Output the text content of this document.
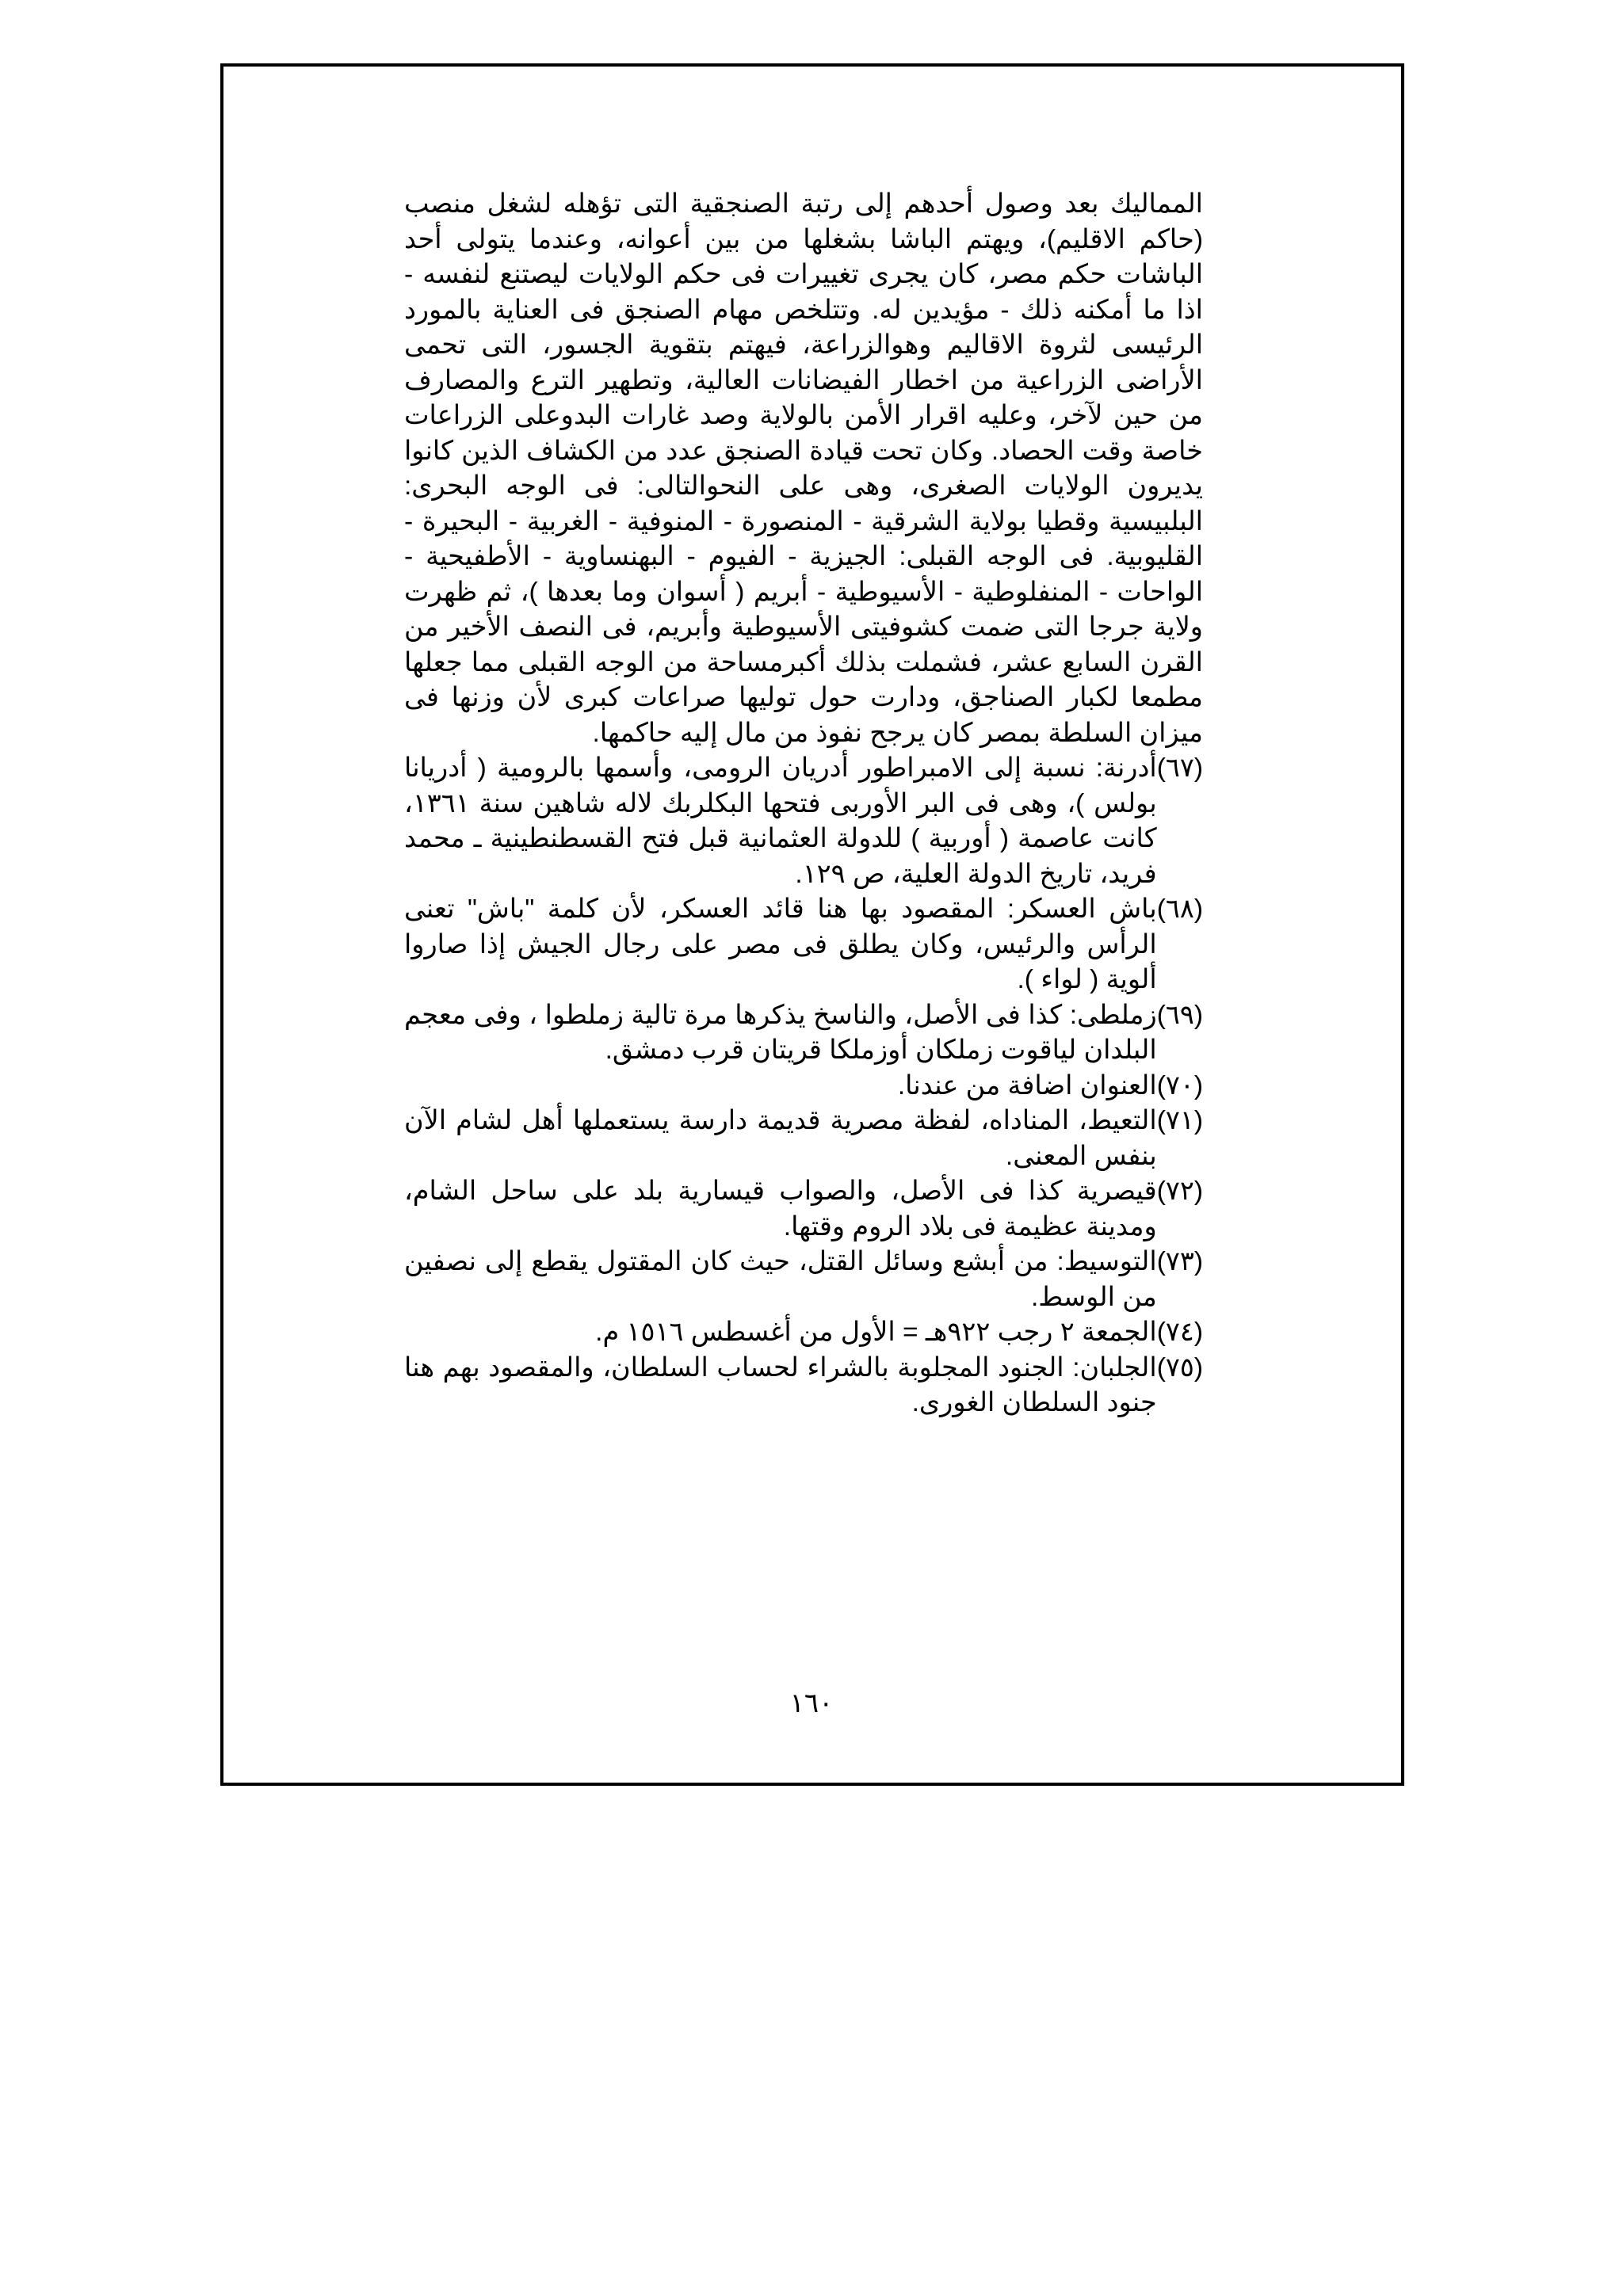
المماليك بعد وصول أحدهم إلى رتبة الصنجقية التى تؤهله لشغل منصب (حاكم الاقليم)، ويهتم الباشا بشغلها من بين أعوانه، وعندما يتولى أحد الباشات حكم مصر، كان يجرى تغييرات فى حكم الولايات ليصتنع لنفسه - اذا ما أمكنه ذلك - مؤيدين له. وتتلخص مهام الصنجق فى العناية بالمورد الرئيسى لثروة الاقاليم وهوالزراعة، فيهتم بتقوية الجسور، التى تحمى الأراضى الزراعية من اخطار الفيضانات العالية، وتطهير الترع والمصارف من حين لآخر، وعليه اقرار الأمن بالولاية وصد غارات البدوعلى الزراعات خاصة وقت الحصاد. وكان تحت قيادة الصنجق عدد من الكشاف الذين كانوا يديرون الولايات الصغرى، وهى على النحوالتالى: فى الوجه البحرى: البلبيسية وقطيا بولاية الشرقية - المنصورة - المنوفية - الغربية - البحيرة - القليوبية. فى الوجه القبلى: الجيزية - الفيوم - البهنساوية - الأطفيحية - الواحات - المنفلوطية - الأسيوطية - أبريم ( أسوان وما بعدها )، ثم ظهرت ولاية جرجا التى ضمت كشوفيتى الأسيوطية وأبريم، فى النصف الأخير من القرن السابع عشر، فشملت بذلك أكبرمساحة من الوجه القبلى مما جعلها مطمعا لكبار الصناجق، ودارت حول توليها صراعات كبرى لأن وزنها فى ميزان السلطة بمصر كان يرجح نفوذ من مال إليه حاكمها.

(٦٧)
أدرنة: نسبة إلى الامبراطور أدريان الرومى، وأسمها بالرومية ( أدريانا بولس )، وهى فى البر الأوربى فتحها البكلربك لاله شاهين سنة ١٣٦١، كانت عاصمة ( أوربية ) للدولة العثمانية قبل فتح القسطنطينية ـ محمد فريد، تاريخ الدولة العلية، ص ١٢٩.
(٦٨)
باش العسكر: المقصود بها هنا قائد العسكر، لأن كلمة "باش" تعنى الرأس والرئيس، وكان يطلق فى مصر على رجال الجيش إذا صاروا ألوية ( لواء ).
(٦٩)
زملطى: كذا فى الأصل، والناسخ يذكرها مرة تالية زملطوا ، وفى معجم البلدان لياقوت زملكان أوزملكا قريتان قرب دمشق.
(٧٠)
العنوان اضافة من عندنا.
(٧١)
التعيط، المناداه، لفظة مصرية قديمة دارسة يستعملها أهل لشام الآن بنفس المعنى.
(٧٢)
قيصرية كذا فى الأصل، والصواب قيسارية بلد على ساحل الشام، ومدينة عظيمة فى بلاد الروم وقتها.
(٧٣)
التوسيط: من أبشع وسائل القتل، حيث كان المقتول يقطع إلى نصفين من الوسط.
(٧٤)
الجمعة ٢ رجب ٩٢٢هـ = الأول من أغسطس ١٥١٦ م.
(٧٥)
الجلبان: الجنود المجلوبة بالشراء لحساب السلطان، والمقصود بهم هنا جنود السلطان الغورى.
١٦٠
